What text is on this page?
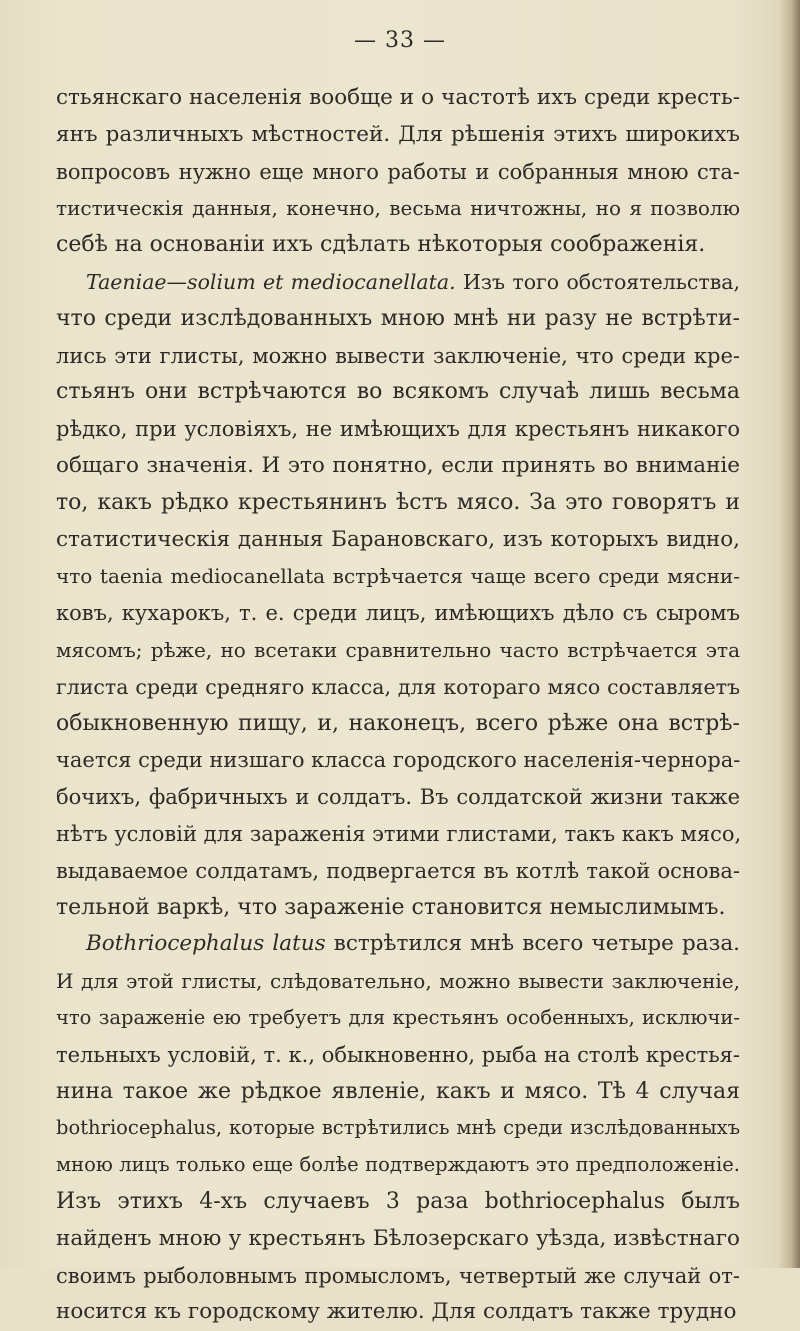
— 33 —
стьянскаго населенія вообще и о частотѣ ихъ среди кресть-
янъ различныхъ мѣстностей. Для рѣшенія этихъ широкихъ
вопросовъ нужно еще много работы и собранныя мною ста-
тистическія данныя, конечно, весьма ничтожны, но я позволю
себѣ на основаніи ихъ сдѣлать нѣкоторыя соображенія.
Taeniae—solium et mediocanellata. Изъ того обстоятельства,
что среди изслѣдованныхъ мною мнѣ ни разу не встрѣти-
лись эти глисты, можно вывести заключеніе, что среди кре-
стьянъ они встрѣчаются во всякомъ случаѣ лишь весьма
рѣдко, при условіяхъ, не имѣющихъ для крестьянъ никакого
общаго значенія. И это понятно, если принять во вниманіе
то, какъ рѣдко крестьянинъ ѣстъ мясо. За это говорятъ и
статистическія данныя Барановскаго, изъ которыхъ видно,
что taenia mediocanellata встрѣчается чаще всего среди мясни-
ковъ, кухарокъ, т. е. среди лицъ, имѣющихъ дѣло съ сыромъ
мясомъ; рѣже, но всетаки сравнительно часто встрѣчается эта
глиста среди средняго класса, для котораго мясо составляетъ
обыкновенную пищу, и, наконецъ, всего рѣже она встрѣ-
чается среди низшаго класса городского населенія-чернора-
бочихъ, фабричныхъ и солдатъ. Въ солдатской жизни также
нѣтъ условій для зараженія этими глистами, такъ какъ мясо,
выдаваемое солдатамъ, подвергается въ котлѣ такой основа-
тельной варкѣ, что зараженіе становится немыслимымъ.
Bothriocephalus latus встрѣтился мнѣ всего четыре раза.
И для этой глисты, слѣдовательно, можно вывести заключеніе,
что зараженіе ею требуетъ для крестьянъ особенныхъ, исключи-
тельныхъ условій, т. к., обыкновенно, рыба на столѣ крестья-
нина такое же рѣдкое явленіе, какъ и мясо. Тѣ 4 случая
bothriocephalus, которые встрѣтились мнѣ среди изслѣдованныхъ
мною лицъ только еще болѣе подтверждаютъ это предположеніе.
Изъ этихъ 4-хъ случаевъ 3 раза bothriocephalus былъ
найденъ мною у крестьянъ Бѣлозерскаго уѣзда, извѣстнаго
своимъ рыболовнымъ промысломъ, четвертый же случай от-
носится къ городскому жителю. Для солдатъ также трудно
